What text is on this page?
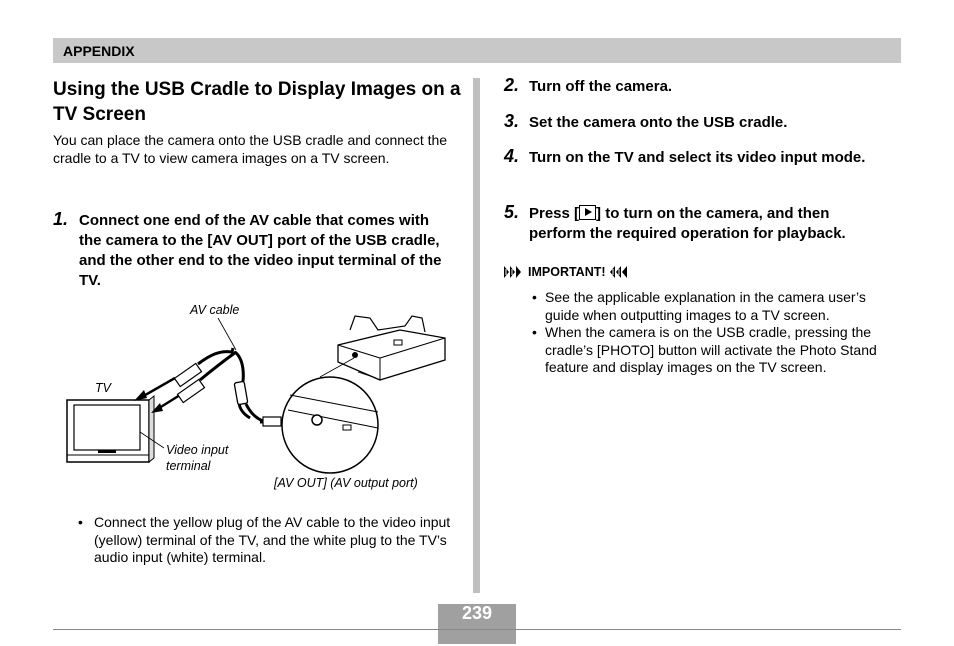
APPENDIX
Using the USB Cradle to Display Images on a TV Screen
You can place the camera onto the USB cradle and connect the cradle to a TV to view camera images on a TV screen.
1. Connect one end of the AV cable that comes with the camera to the [AV OUT] port of the USB cradle, and the other end to the video input terminal of the TV.
AV cable
TV
Video input terminal
[AV OUT] (AV output port)
• Connect the yellow plug of the AV cable to the video input (yellow) terminal of the TV, and the white plug to the TV’s audio input (white) terminal.
2. Turn off the camera.
3. Set the camera onto the USB cradle.
4. Turn on the TV and select its video input mode.
5. Press [ ] to turn on the camera, and then perform the required operation for playback.
IMPORTANT!
• See the applicable explanation in the camera user’s guide when outputting images to a TV screen.
• When the camera is on the USB cradle, pressing the cradle’s [PHOTO] button will activate the Photo Stand feature and display images on the TV screen.
239
